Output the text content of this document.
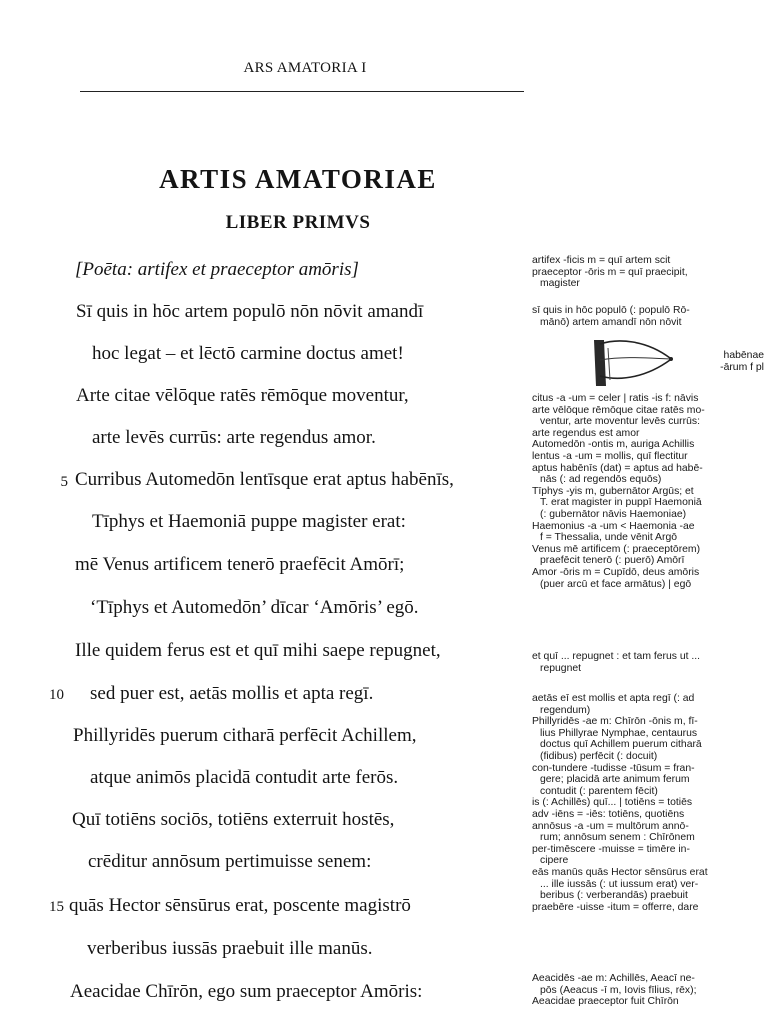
ARS AMATORIA I
ARTIS AMATORIAE
LIBER PRIMVS
[Poēta: artifex et praeceptor amōris]
Sī quis in hōc artem populō nōn nōvit amandī
hoc legat – et lēctō carmine doctus amet!
Arte citae vēlōque ratēs rēmōque moventur,
arte levēs currūs: arte regendus amor.
5 Curribus Automedōn lentīsque erat aptus habēnīs,
Tīphys et Haemoniā puppe magister erat:
mē Venus artificem tenerō praefēcit Amōrī;
‘Tīphys et Automedōn’ dīcar ‘Amōris’ egō.
Ille quidem ferus est et quī mihi saepe repugnet,
10 sed puer est, aetās mollis et apta regī.
Phillyridēs puerum citharā perfēcit Achillem,
atque animōs placidā contudit arte ferōs.
Quī totiēns sociōs, totiēns exterruit hostēs,
crēditur annōsum pertimuisse senem:
15 quās Hector sēnsūrus erat, poscente magistrō
verberibus iussās praebuit ille manūs.
Aeacidae Chīrōn, ego sum praeceptor Amōris:
artifex -ficis m = quī artem scit
praeceptor -ōris m = quī praecipit,
magister
sī quis in hōc populō (: populō Rō-
mānō) artem amandī nōn nōvit
citus -a -um = celer | ratis -is f: nāvis
arte vēlōque rēmōque citae ratēs mo-
ventur, arte moventur levēs currūs:
arte regendus est amor
Automedōn -ontis m, auriga Achillis
lentus -a -um = mollis, quī flectitur
aptus habēnīs (dat) = aptus ad habē-
nās (: ad regendōs equōs)
Tīphys -yis m, gubernātor Argūs; et
T. erat magister in puppī Haemoniā
(: gubernātor nāvis Haemoniae)
Haemonius -a -um < Haemonia -ae
f = Thessalia, unde vēnit Argō
Venus mē artificem (: praeceptōrem)
praefēcit tenerō (: puerō) Amōrī
Amor -ōris m = Cupīdō, deus amōris
(puer arcū et face armātus) | egō
et quī ... repugnet : et tam ferus ut ...
repugnet
aetās eī est mollis et apta regī (: ad
regendum)
Phillyridēs -ae m: Chīrōn -ōnis m, fī-
lius Phillyrae Nymphae, centaurus
doctus quī Achillem puerum citharā
(fidibus) perfēcit (: docuit)
con-tundere -tudisse -tūsum = fran-
gere; placidā arte animum ferum
contudit (: parentem fēcit)
is (: Achillēs) quī... | totiēns = totiēs
adv -iēns = -iēs: totiēns, quotiēns
annōsus -a -um = multōrum annō-
rum; annōsum senem : Chīrōnem
per-timēscere -muisse = timēre in-
cipere
eās manūs quās Hector sēnsūrus erat
... ille iussās (: ut iussum erat) ver-
beribus (: verberandās) praebuit
praebēre -uisse -itum = offerre, dare
Aeacidēs -ae m: Achillēs, Aeacī ne-
pōs (Aeacus -ī m, Iovis fīlius, rēx);
Aeacidae praeceptor fuit Chīrōn
habēnae
-ārum f pl
